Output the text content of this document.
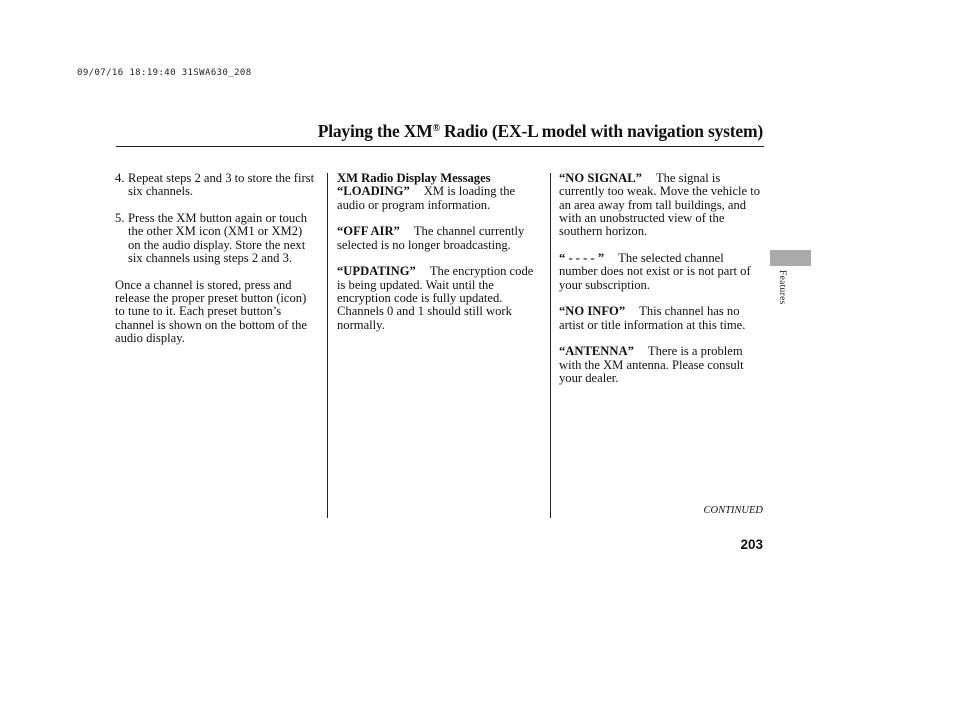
09/07/16 18:19:40 31SWA630_208
Playing the XM® Radio (EX-L model with navigation system)

4. Repeat steps 2 and 3 to store the first six channels.

5. Press the XM button again or touch the other XM icon (XM1 or XM2) on the audio display. Store the next six channels using steps 2 and 3.

Once a channel is stored, press and release the proper preset button (icon) to tune to it. Each preset button’s channel is shown on the bottom of the audio display.

XM Radio Display Messages
“LOADING” XM is loading the audio or program information.

“OFF AIR” The channel currently selected is no longer broadcasting.

“UPDATING” The encryption code is being updated. Wait until the encryption code is fully updated. Channels 0 and 1 should still work normally.

“NO SIGNAL” The signal is currently too weak. Move the vehicle to an area away from tall buildings, and with an unobstructed view of the southern horizon.

“ - - - - ” The selected channel number does not exist or is not part of your subscription.

“NO INFO” This channel has no artist or title information at this time.

“ANTENNA” There is a problem with the XM antenna. Please consult your dealer.

Features
CONTINUED
203
